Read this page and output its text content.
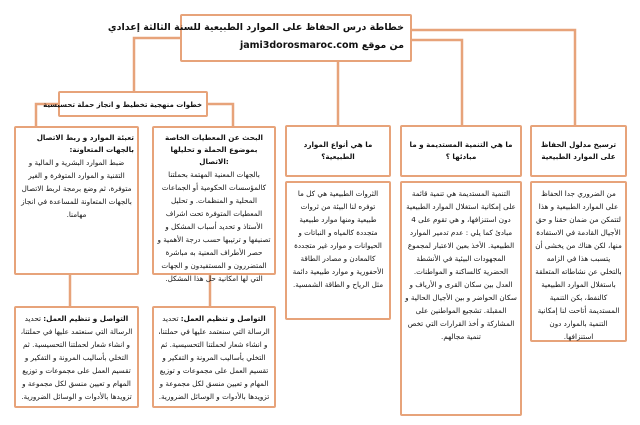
خطاطة درس الحفاظ على الموارد الطبيعية للسنة الثالثة إعدادي

من موقع jami3dorosmaroc.com

خطوات منهجية تخطيط و انجاز حملة تحسيسية

ترسيخ مدلول الحفاظ على الموارد الطبيعية

من الضروري جدا الحفاظ على الموارد الطبيعية و هذا لتتمكن من ضمان حقنا و حق الأجيال القادمة في الاستفادة منها، لكن هناك من يخشى أن يتسبب هذا في الزامه بالتخلي عن نشاطاته المتعلقة باستغلال الموارد الطبيعية كالنفط، بكن التنمية المستديمة أتاحت لنا إمكانية التنمية بالموارد دون استنزافها.

ما هي التنمية المستديمة و ما مبادئها ؟

التنمية المستديمة هي تنمية قائمة على إمكانية استغلال الموارد الطبيعية دون استنزافها، و هي تقوم على 4 مبادئ كما يلي : عدم تدمير الموارد الطبيعية. الأخذ بعين الاعتبار لمجموع المجهودات البيئية في الأنشطة الحضرية كالساكنة و المواطنات. العدل بين سكان القرى و الأرياف و سكان الحواضر و بين الأجيال الحالية و المقبلة. تشجيع المواطنين على المشاركة و أخذ القرارات التي تخص تنمية مجالهم.

ما هي أنواع الموارد الطبيعية؟

الثروات الطبيعية هي كل ما توفره لنا البيئة من ثروات طبيعية ومنها موارد طبيعية متجددة كالمياه و النباتات و الحيوانات و موارد غير متجددة كالمعادن و مصادر الطاقة الأحفورية و موارد طبيعية دائمة مثل الرياح و الطاقة الشمسية.

البحث عن المعطيات الخاصة بموضوع الحملة و تحليلها :الاتصال

بالجهات المعنية المهتمة بحملتنا كالمؤسسات الحكومية أو الجماعات المحلية و المنظمات. و تحليل المعطيات المتوفرة تحت اشراف الأستاذ و تحديد أسباب المشكل و تصنيفها و ترتيبها حسب درجة الأهمية و حصر الأطراف المعنية به مباشرة المتضررون و المستفيدون و الجهات التي لها امكانية حل هذا المشكل.

تعبئة الموارد و ربط الاتصال بالجهات المتعاونة:

ضبط الموارد البشرية و المالية و التقنية و الموارد المتوفرة و الغير متوفرة، ثم وضع برمجة لربط الاتصال بالجهات المتعاونة للمساعدة في انجاز مهامنا.

التواصل و تنظيم العمل: تحديد الرسالة التي سنعتمد عليها في حملتنا، و انشاء شعار لحملتنا التحسيسية. ثم التخلي بأساليب المرونة و التفكير و تقسيم العمل على مجموعات و توزيع المهام و تعيين منسق لكل مجموعة و تزويدها بالأدوات و الوسائل الضرورية.

التواصل و تنظيم العمل: تحديد الرسالة التي سنعتمد عليها في حملتنا، و انشاء شعار لحملتنا التحسيسية. ثم التخلي بأساليب المرونة و التفكير و تقسيم العمل على مجموعات و توزيع المهام و تعيين منسق لكل مجموعة و تزويدها بالأدوات و الوسائل الضرورية.
